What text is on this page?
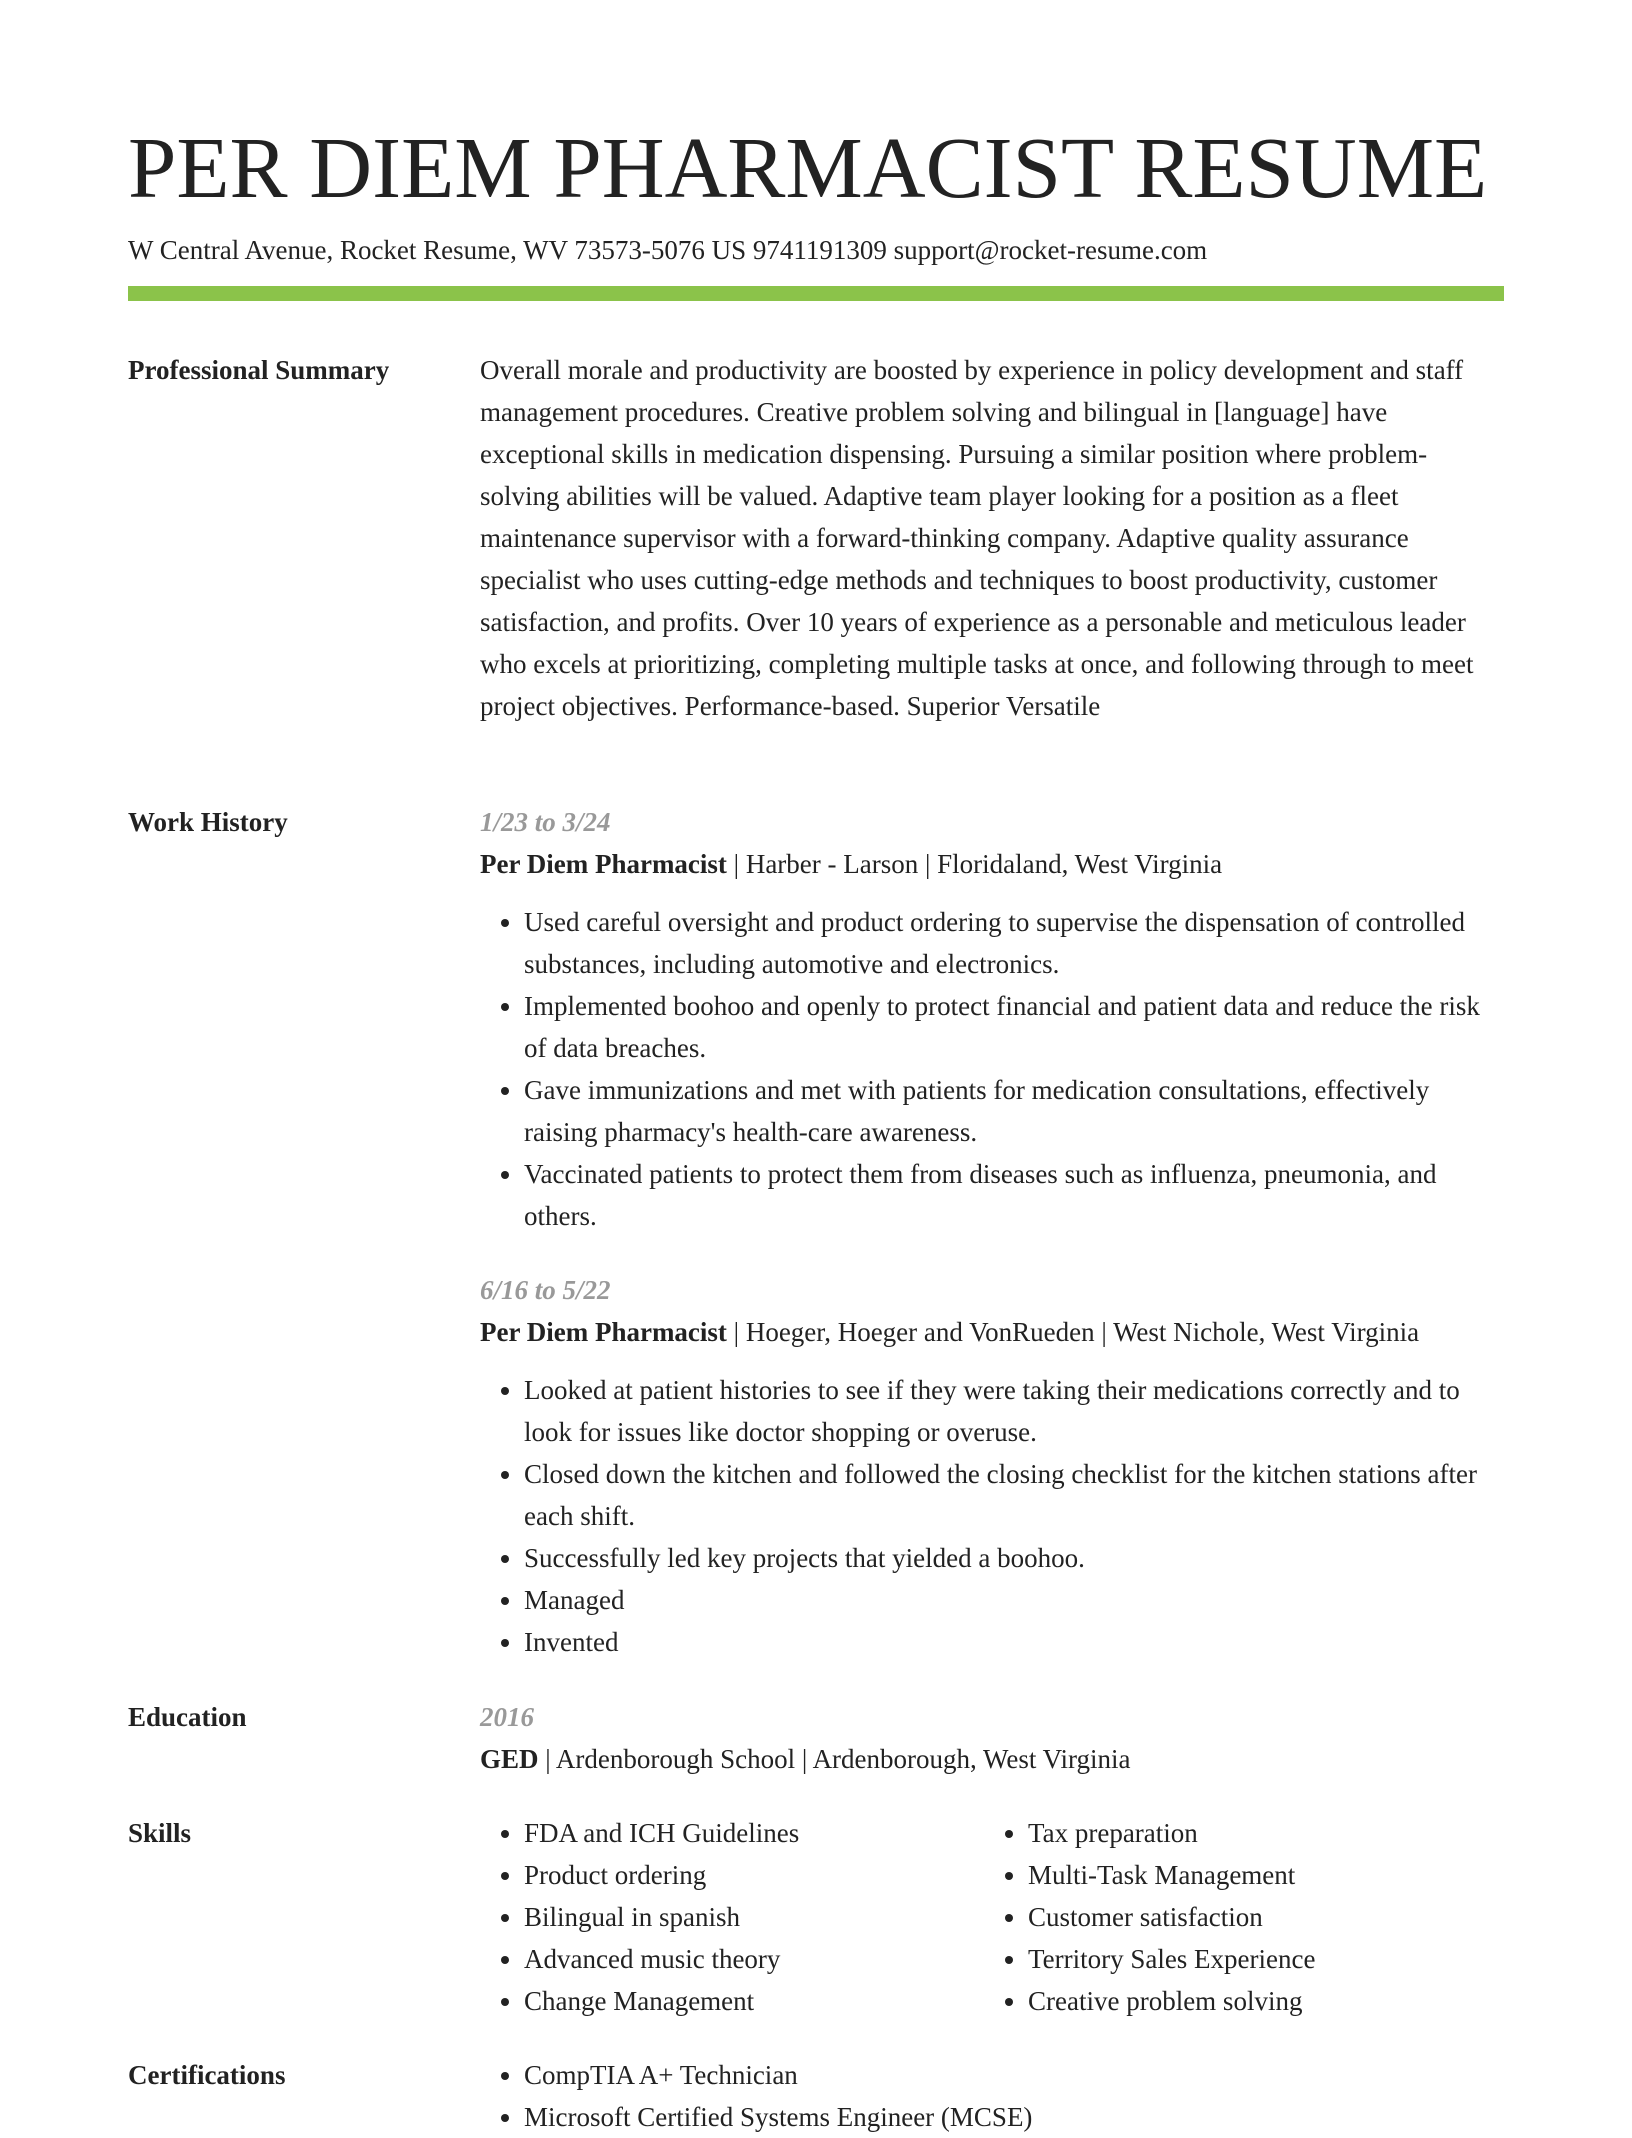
PER DIEM PHARMACIST RESUME

W Central Avenue, Rocket Resume, WV 73573-5076 US 9741191309 support@rocket-resume.com

Professional Summary	Overall morale and productivity are boosted by experience in policy development and staff management procedures. Creative problem solving and bilingual in [language] have exceptional skills in medication dispensing. Pursuing a similar position where problem-solving abilities will be valued. Adaptive team player looking for a position as a fleet maintenance supervisor with a forward-thinking company. Adaptive quality assurance specialist who uses cutting-edge methods and techniques to boost productivity, customer satisfaction, and profits. Over 10 years of experience as a personable and meticulous leader who excels at prioritizing, completing multiple tasks at once, and following through to meet project objectives. Performance-based. Superior Versatile

Work History	1/23 to 3/24

Per Diem Pharmacist | Harber - Larson | Floridaland, West Virginia

• Used careful oversight and product ordering to supervise the dispensation of controlled substances, including automotive and electronics.
• Implemented boohoo and openly to protect financial and patient data and reduce the risk of data breaches.
• Gave immunizations and met with patients for medication consultations, effectively raising pharmacy's health-care awareness.
• Vaccinated patients to protect them from diseases such as influenza, pneumonia, and others.

6/16 to 5/22

Per Diem Pharmacist | Hoeger, Hoeger and VonRueden | West Nichole, West Virginia

• Looked at patient histories to see if they were taking their medications correctly and to look for issues like doctor shopping or overuse.
• Closed down the kitchen and followed the closing checklist for the kitchen stations after each shift.
• Successfully led key projects that yielded a boohoo.
• Managed
• Invented
Education	2016

GED | Ardenborough School | Ardenborough, West Virginia

Skills	• FDA and ICH Guidelines
• Product ordering
• Bilingual in spanish
• Advanced music theory
• Change Management
• Tax preparation
• Multi-Task Management
• Customer satisfaction
• Territory Sales Experience
• Creative problem solving
Certifications	• CompTIA A+ Technician
• Microsoft Certified Systems Engineer (MCSE)
